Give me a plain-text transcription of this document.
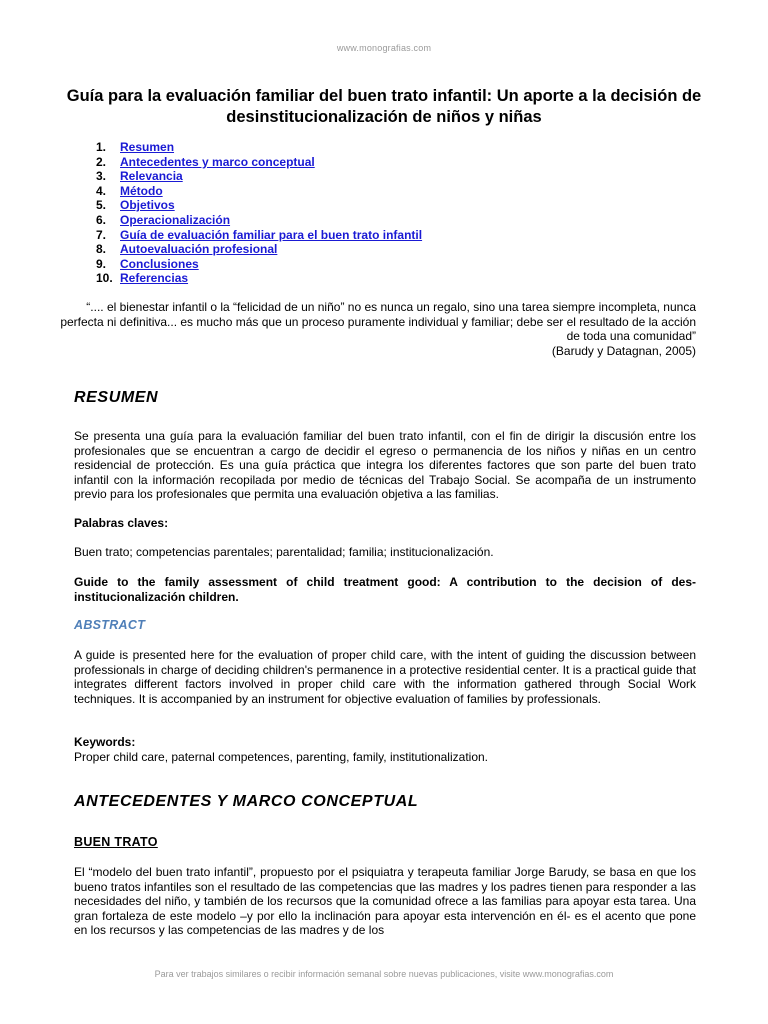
www.monografias.com
Guía para la evaluación familiar del buen trato infantil: Un aporte a la decisión de desinstitucionalización de niños y niñas
1.	Resumen
2.	Antecedentes y marco conceptual
3.	Relevancia
4.	Método
5.	Objetivos
6.	Operacionalización
7.	Guía de evaluación familiar para el buen trato infantil
8.	Autoevaluación profesional
9.	Conclusiones
10. Referencias

“.... el bienestar infantil o la “felicidad de un niño” no es nunca un regalo, sino una tarea siempre incompleta, nunca perfecta ni definitiva... es mucho más que un proceso puramente individual y familiar; debe ser el resultado de la acción de toda una comunidad”

(Barudy y Datagnan, 2005)

RESUMEN

Se presenta una guía para la evaluación familiar del buen trato infantil, con el fin de dirigir la discusión entre los profesionales que se encuentran a cargo de decidir el egreso o permanencia de los niños y niñas en un centro residencial de protección. Es una guía práctica que integra los diferentes factores que son parte del buen trato infantil con la información recopilada por medio de técnicas del Trabajo Social. Se acompaña de un instrumento previo para los profesionales que permita una evaluación objetiva a las familias.

Palabras claves:

Buen trato; competencias parentales; parentalidad; familia; institucionalización.

Guide to the family assessment of child treatment good: A contribution to the decision of des-institucionalización children.

ABSTRACT

A guide is presented here for the evaluation of proper child care, with the intent of guiding the discussion between professionals in charge of deciding children's permanence in a protective residential center. It is a practical guide that integrates different factors involved in proper child care with the information gathered through Social Work techniques. It is accompanied by an instrument for objective evaluation of families by professionals.

Keywords:

Proper child care, paternal competences, parenting, family, institutionalization.

ANTECEDENTES Y MARCO CONCEPTUAL
BUEN TRATO

El “modelo del buen trato infantil”, propuesto por el psiquiatra y terapeuta familiar Jorge Barudy, se basa en que los bueno tratos infantiles son el resultado de las competencias que las madres y los padres tienen para responder a las necesidades del niño, y también de los recursos que la comunidad ofrece a las familias para apoyar esta tarea. Una gran fortaleza de este modelo –y por ello la inclinación para apoyar esta intervención en él- es el acento que pone en los recursos y las competencias de las madres y de los

Para ver trabajos similares o recibir información semanal sobre nuevas publicaciones, visite www.monografias.com
